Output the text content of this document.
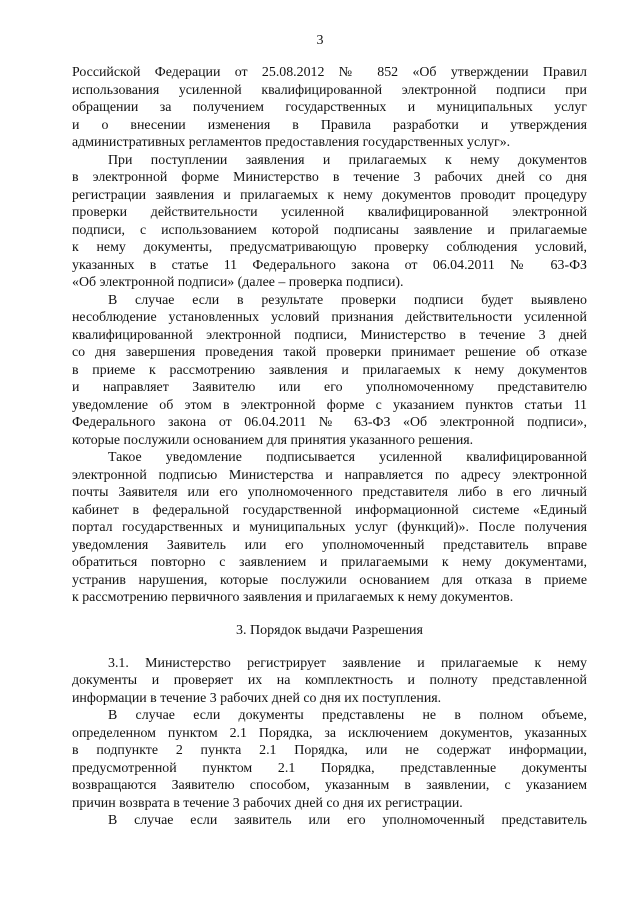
3
Российской Федерации от 25.08.2012 № 852 «Об утверждении Правил
использования усиленной квалифицированной электронной подписи при
обращении за получением государственных и муниципальных услуг
и о внесении изменения в Правила разработки и утверждения
административных регламентов предоставления государственных услуг».
При поступлении заявления и прилагаемых к нему документов
в электронной форме Министерство в течение 3 рабочих дней со дня
регистрации заявления и прилагаемых к нему документов проводит процедуру
проверки действительности усиленной квалифицированной электронной
подписи, с использованием которой подписаны заявление и прилагаемые
к нему документы, предусматривающую проверку соблюдения условий,
указанных в статье 11 Федерального закона от 06.04.2011 № 63-ФЗ
«Об электронной подписи» (далее – проверка подписи).
В случае если в результате проверки подписи будет выявлено
несоблюдение установленных условий признания действительности усиленной
квалифицированной электронной подписи, Министерство в течение 3 дней
со дня завершения проведения такой проверки принимает решение об отказе
в приеме к рассмотрению заявления и прилагаемых к нему документов
и направляет Заявителю или его уполномоченному представителю
уведомление об этом в электронной форме с указанием пунктов статьи 11
Федерального закона от 06.04.2011 № 63-ФЗ «Об электронной подписи»,
которые послужили основанием для принятия указанного решения.
Такое уведомление подписывается усиленной квалифицированной
электронной подписью Министерства и направляется по адресу электронной
почты Заявителя или его уполномоченного представителя либо в его личный
кабинет в федеральной государственной информационной системе «Единый
портал государственных и муниципальных услуг (функций)». После получения
уведомления Заявитель или его уполномоченный представитель вправе
обратиться повторно с заявлением и прилагаемыми к нему документами,
устранив нарушения, которые послужили основанием для отказа в приеме
к рассмотрению первичного заявления и прилагаемых к нему документов.
3. Порядок выдачи Разрешения
3.1. Министерство регистрирует заявление и прилагаемые к нему
документы и проверяет их на комплектность и полноту представленной
информации в течение 3 рабочих дней со дня их поступления.
В случае если документы представлены не в полном объеме,
определенном пунктом 2.1 Порядка, за исключением документов, указанных
в подпункте 2 пункта 2.1 Порядка, или не содержат информации,
предусмотренной пунктом 2.1 Порядка, представленные документы
возвращаются Заявителю способом, указанным в заявлении, с указанием
причин возврата в течение 3 рабочих дней со дня их регистрации.
В случае если заявитель или его уполномоченный представитель
